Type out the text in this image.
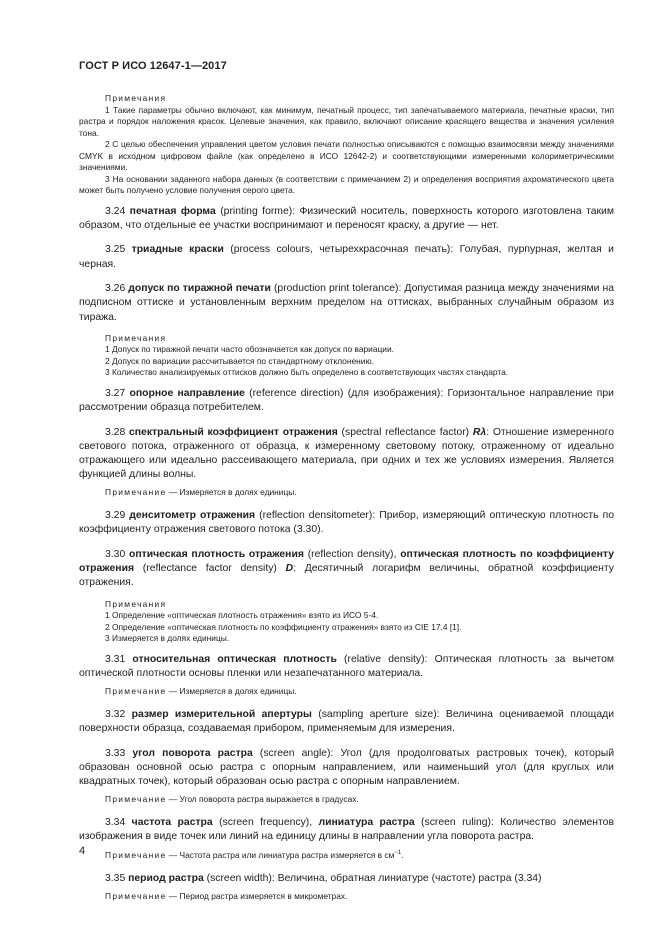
ГОСТ Р ИСО 12647-1—2017
Примечания
1 Такие параметры обычно включают, как минимум, печатный процесс, тип запечатываемого материала, печатные краски, тип растра и порядок наложения красок. Целевые значения, как правило, включают описание красящего вещества и значения усиления тона.
2 С целью обеспечения управления цветом условия печати полностью описываются с помощью взаимосвязи между значениями CMYK в исходном цифровом файле (как определено в ИСО 12642-2) и соответствующими измеренными колориметрическими значениями.
3 На основании заданного набора данных (в соответствии с примечанием 2) и определения восприятия ахроматического цвета может быть получено условие получения серого цвета.

3.24 печатная форма (printing forme): Физический носитель, поверхность которого изготовлена таким образом, что отдельные ее участки воспринимают и переносят краску, а другие — нет.

3.25 триадные краски (process colours, четырехкрасочная печать): Голубая, пурпурная, желтая и черная.

3.26 допуск по тиражной печати (production print tolerance): Допустимая разница между значениями на подписном оттиске и установленным верхним пределом на оттисках, выбранных случайным образом из тиража.

Примечания
1 Допуск по тиражной печати часто обозначается как допуск по вариации.
2 Допуск по вариации рассчитывается по стандартному отклонению.
3 Количество анализируемых оттисков должно быть определено в соответствующих частях стандарта.

3.27 опорное направление (reference direction) (для изображения): Горизонтальное направление при рассмотрении образца потребителем.

3.28 спектральный коэффициент отражения (spectral reflectance factor) Rλ: Отношение измеренного светового потока, отраженного от образца, к измеренному световому потоку, отраженному от идеально отражающего или идеально рассеивающего материала, при одних и тех же условиях измерения. Является функцией длины волны.

Примечание — Измеряется в долях единицы.

3.29 денситометр отражения (reflection densitometer): Прибор, измеряющий оптическую плотность по коэффициенту отражения светового потока (3.30).

3.30 оптическая плотность отражения (reflection density), оптическая плотность по коэффициенту отражения (reflectance factor density) D: Десятичный логарифм величины, обратной коэффициенту отражения.

Примечания
1 Определение «оптическая плотность отражения» взято из ИСО 5-4.
2 Определение «оптическая плотность по коэффициенту отражения» взято из CIE 17.4 [1].
3 Измеряется в долях единицы.

3.31 относительная оптическая плотность (relative density): Оптическая плотность за вычетом оптической плотности основы пленки или незапечатанного материала.

Примечание — Измеряется в долях единицы.

3.32 размер измерительной апертуры (sampling aperture size): Величина оцениваемой площади поверхности образца, создаваемая прибором, применяемым для измерения.

3.33 угол поворота растра (screen angle): Угол (для продолговатых растровых точек), который образован основной осью растра с опорным направлением, или наименьший угол (для круглых или квадратных точек), который образован осью растра с опорным направлением.

Примечание — Угол поворота растра выражается в градусах.

3.34 частота растра (screen frequency), линиатура растра (screen ruling): Количество элементов изображения в виде точек или линий на единицу длины в направлении угла поворота растра.

Примечание — Частота растра или линиатура растра измеряется в $см^{-1}$.

3.35 период растра (screen width): Величина, обратная линиатуре (частоте) растра (3.34)

Примечание — Период растра измеряется в микрометрах.
4
